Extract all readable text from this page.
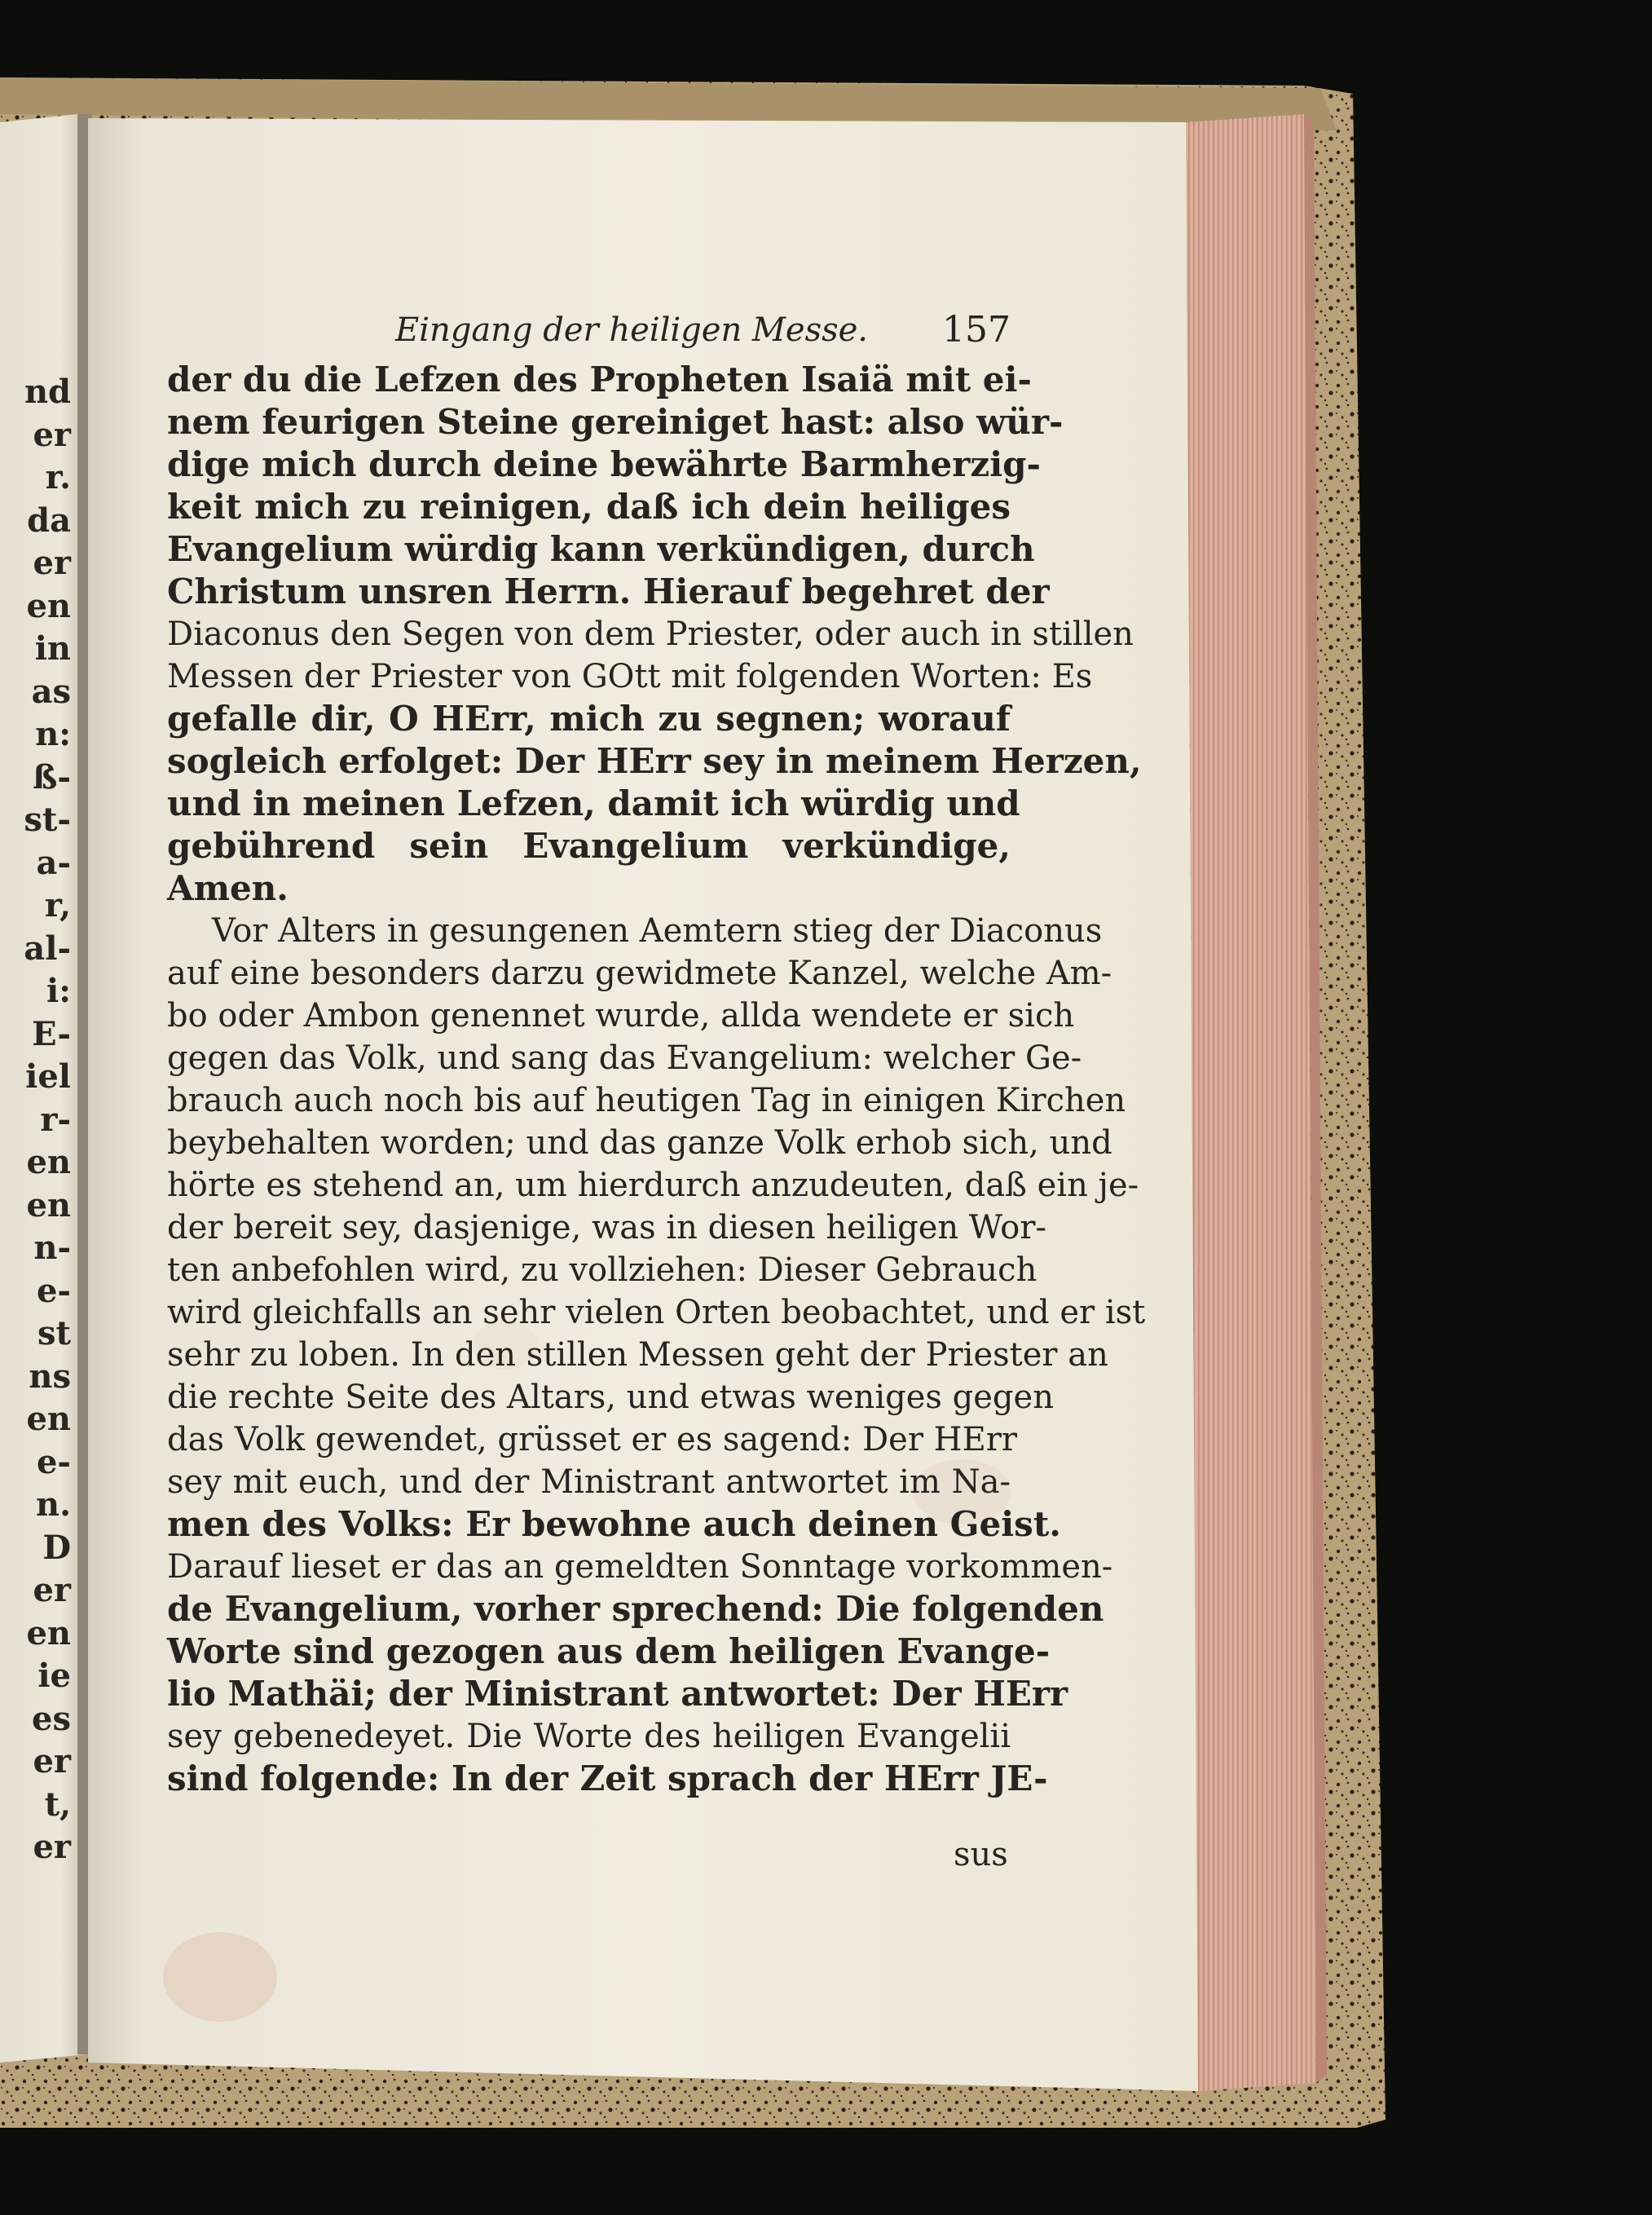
nd
er
r.
da
er
en
in
as
n:
ß-
st-
a-
r,
al-
i:
E-
iel
r-
en
en
n-
e-
st
ns
en
e-
n.
D
er
en
ie
es
er
t,
er
Eingang der heiligen Messe.	157
der du die Lefzen des Propheten Isaiä mit ei-
nem feurigen Steine gereiniget hast: also wür-
dige mich durch deine bewährte Barmherzig-
keit mich zu reinigen, daß ich dein heiliges
Evangelium würdig kann verkündigen, durch
Christum unsren Herrn. Hierauf begehret der
Diaconus den Segen von dem Priester, oder auch in stillen
Messen der Priester von GOtt mit folgenden Worten: Es
gefalle dir, O HErr, mich zu segnen; worauf
sogleich erfolget: Der HErr sey in meinem Herzen,
und in meinen Lefzen, damit ich würdig und
gebührend sein Evangelium verkündige,
Amen.
Vor Alters in gesungenen Aemtern stieg der Diaconus
auf eine besonders darzu gewidmete Kanzel, welche Am-
bo oder Ambon genennet wurde, allda wendete er sich
gegen das Volk, und sang das Evangelium: welcher Ge-
brauch auch noch bis auf heutigen Tag in einigen Kirchen
beybehalten worden; und das ganze Volk erhob sich, und
hörte es stehend an, um hierdurch anzudeuten, daß ein je-
der bereit sey, dasjenige, was in diesen heiligen Wor-
ten anbefohlen wird, zu vollziehen: Dieser Gebrauch
wird gleichfalls an sehr vielen Orten beobachtet, und er ist
sehr zu loben. In den stillen Messen geht der Priester an
die rechte Seite des Altars, und etwas weniges gegen
das Volk gewendet, grüsset er es sagend: Der HErr
sey mit euch, und der Ministrant antwortet im Na-
men des Volks: Er bewohne auch deinen Geist.
Darauf lieset er das an gemeldten Sonntage vorkommen-
de Evangelium, vorher sprechend: Die folgenden
Worte sind gezogen aus dem heiligen Evange-
lio Mathäi; der Ministrant antwortet: Der HErr
sey gebenedeyet. Die Worte des heiligen Evangelii
sind folgende: In der Zeit sprach der HErr JE-
sus
